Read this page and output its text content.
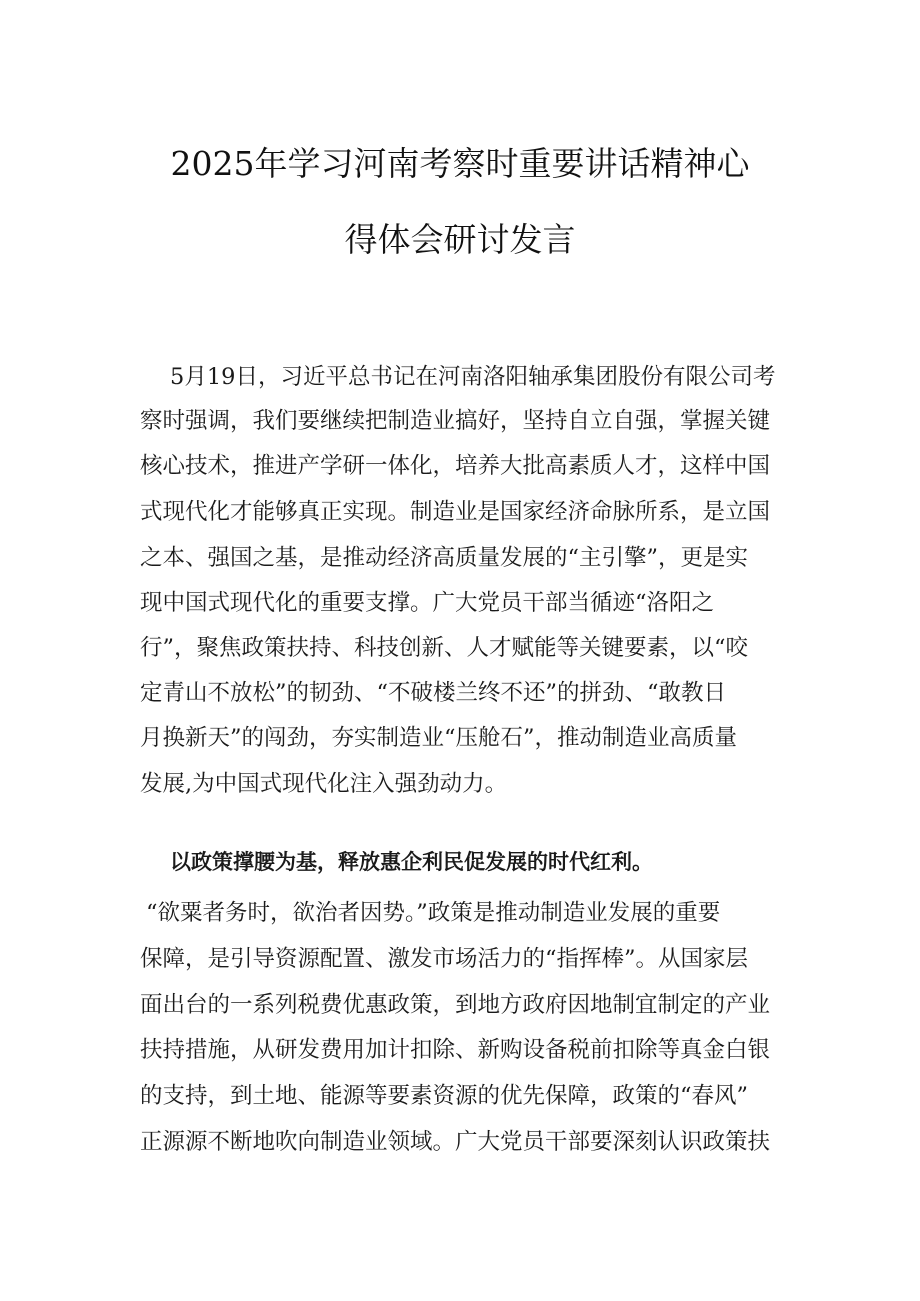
2025年学习河南考察时重要讲话精神心
得体会研讨发言
5月19日，习近平总书记在河南洛阳轴承集团股份有限公司考
察时强调，我们要继续把制造业搞好，坚持自立自强，掌握关键
核心技术，推进产学研一体化，培养大批高素质人才，这样中国
式现代化才能够真正实现。制造业是国家经济命脉所系，是立国
之本、强国之基，是推动经济高质量发展的“主引擎”，更是实
现中国式现代化的重要支撑。广大党员干部当循迹“洛阳之
行”，聚焦政策扶持、科技创新、人才赋能等关键要素，以“咬
定青山不放松”的韧劲、“不破楼兰终不还”的拼劲、“敢教日
月换新天”的闯劲，夯实制造业“压舱石”，推动制造业高质量
发展,为中国式现代化注入强劲动力。
以政策撑腰为基，释放惠企利民促发展的时代红利。
“欲粟者务时，欲治者因势。”政策是推动制造业发展的重要
保障，是引导资源配置、激发市场活力的“指挥棒”。从国家层
面出台的一系列税费优惠政策，到地方政府因地制宜制定的产业
扶持措施，从研发费用加计扣除、新购设备税前扣除等真金白银
的支持，到土地、能源等要素资源的优先保障，政策的“春风”
正源源不断地吹向制造业领域。广大党员干部要深刻认识政策扶
